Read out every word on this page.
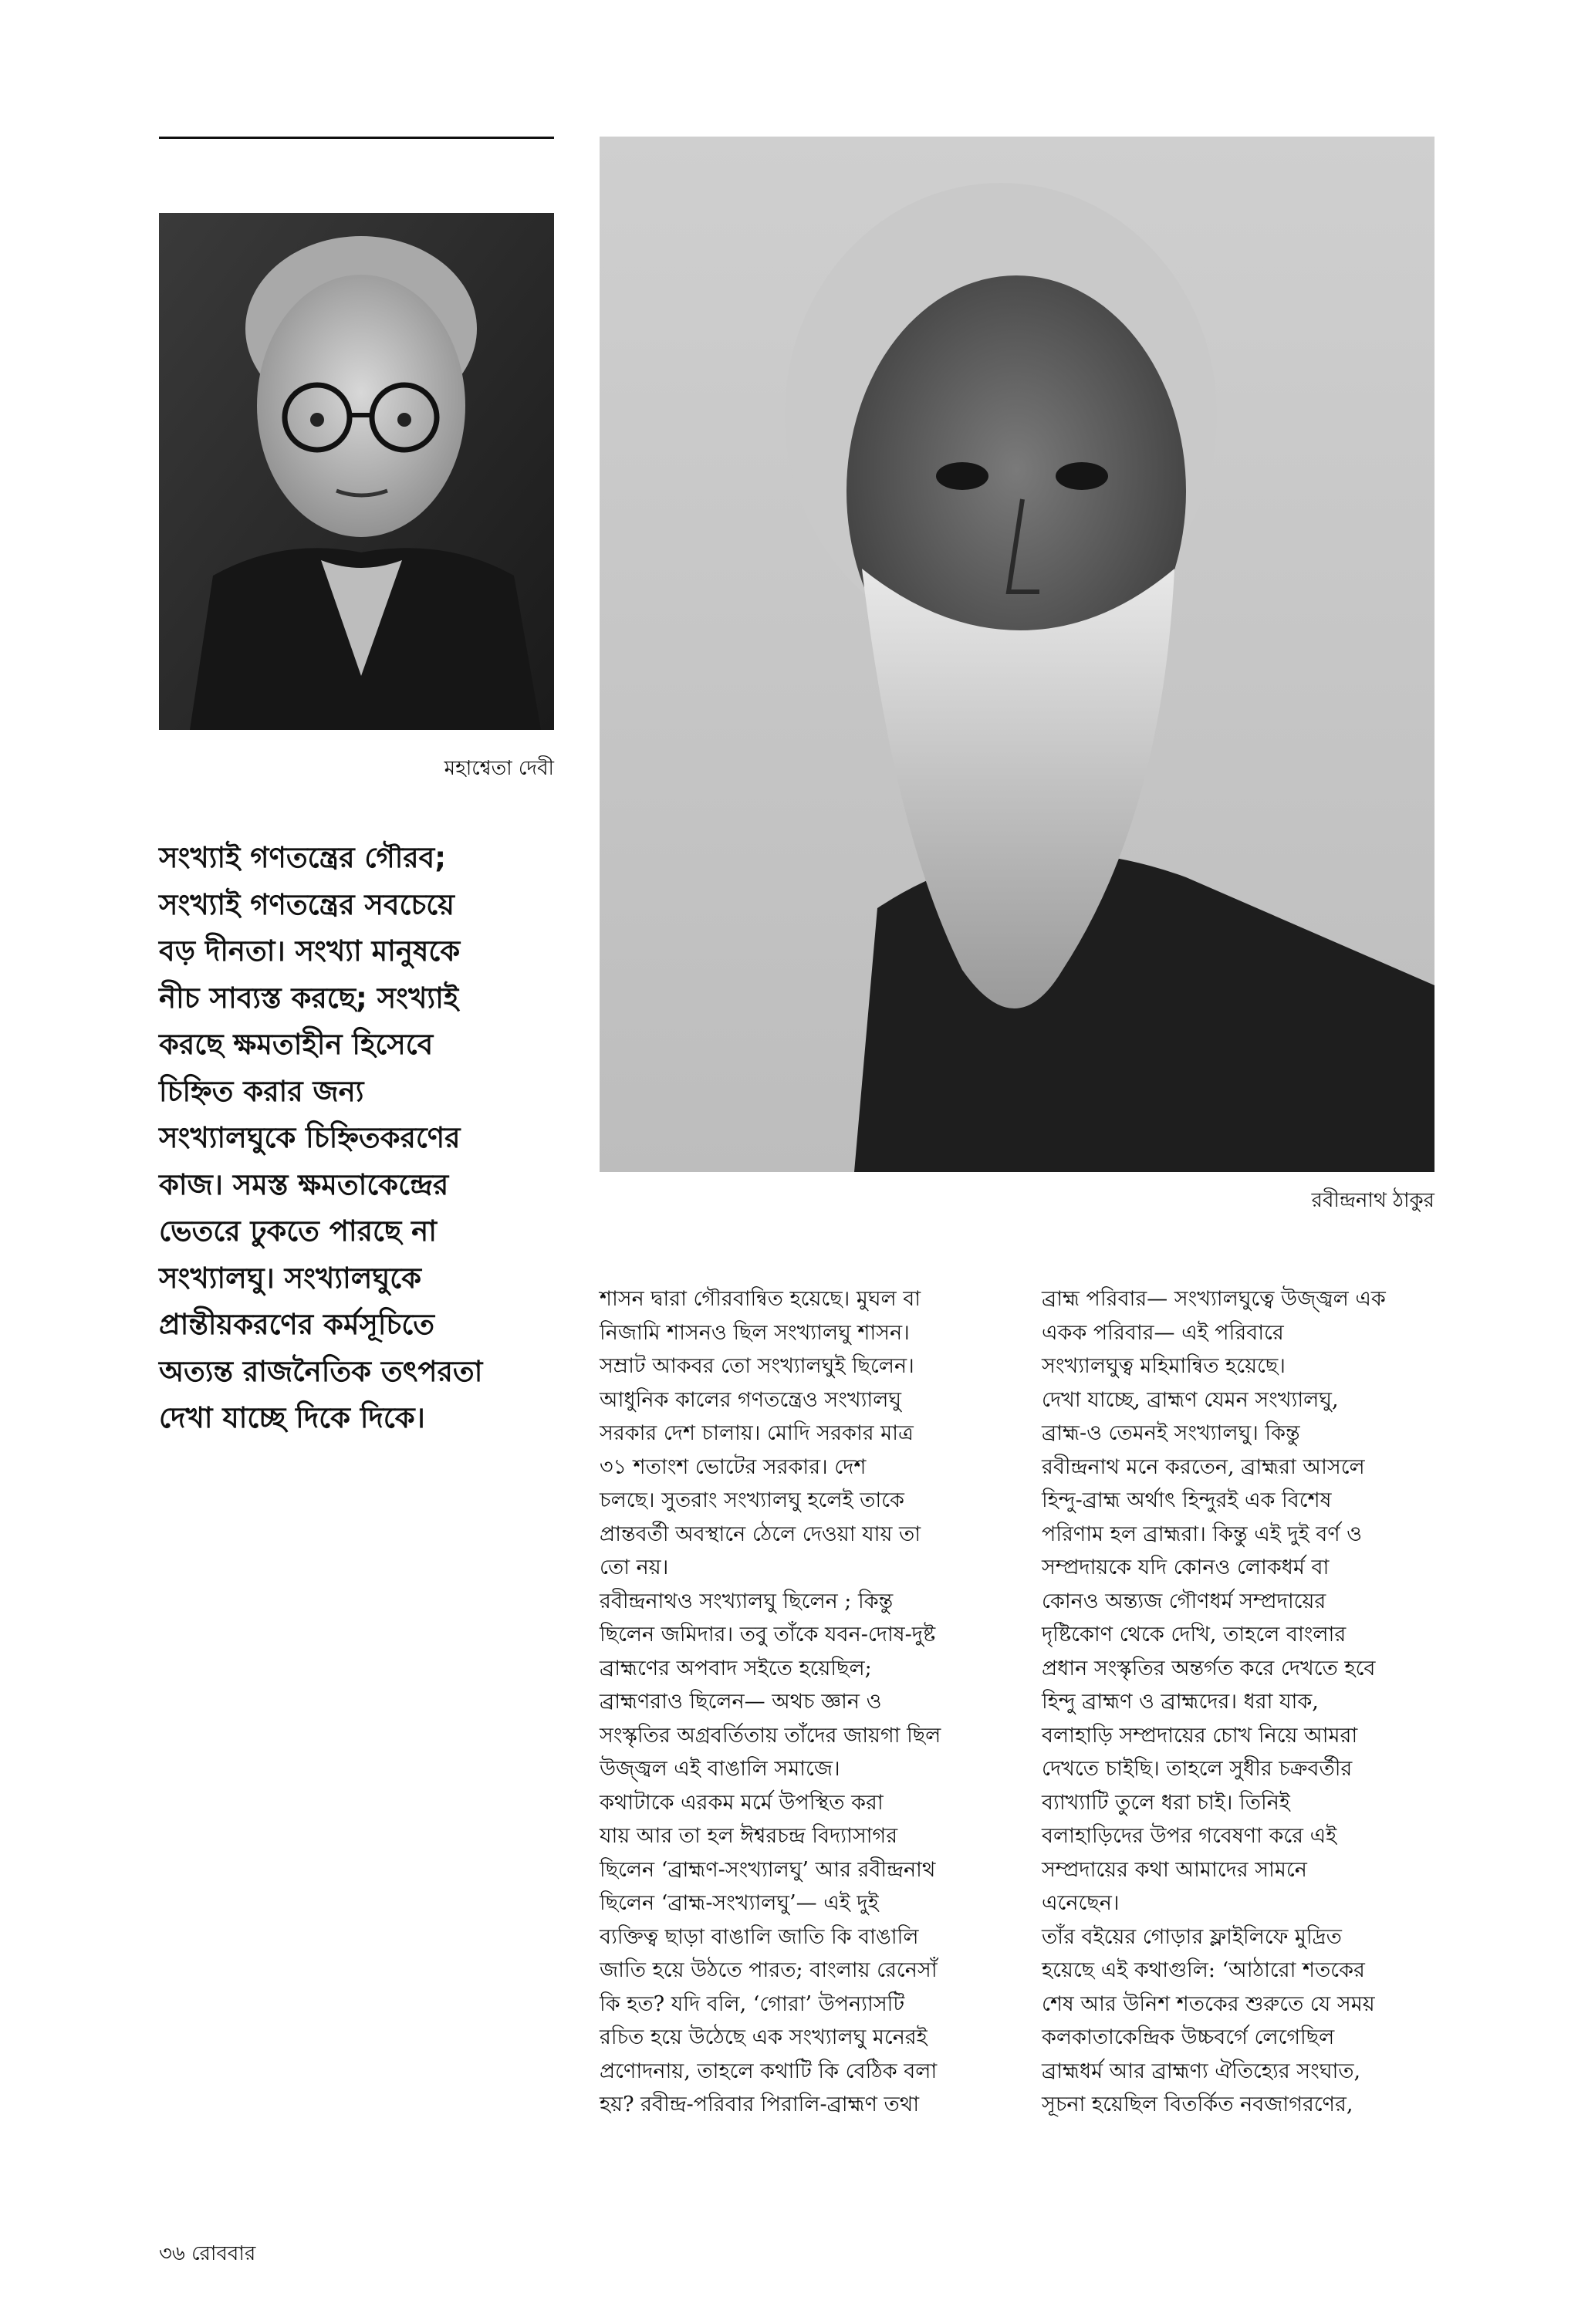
মহাশ্বেতা দেবী
রবীন্দ্রনাথ ঠাকুর
সংখ্যাই গণতন্ত্রের গৌরব;
সংখ্যাই গণতন্ত্রের সবচেয়ে
বড় দীনতা। সংখ্যা মানুষকে
নীচ সাব্যস্ত করছে; সংখ্যাই
করছে ক্ষমতাহীন হিসেবে
চিহ্নিত করার জন্য
সংখ্যালঘুকে চিহ্নিতকরণের
কাজ। সমস্ত ক্ষমতাকেন্দ্রের
ভেতরে ঢুকতে পারছে না
সংখ্যালঘু। সংখ্যালঘুকে
প্রান্তীয়করণের কর্মসূচিতে
অত্যন্ত রাজনৈতিক তৎপরতা
দেখা যাচ্ছে দিকে দিকে।
শাসন দ্বারা গৌরবান্বিত হয়েছে। মুঘল বা
নিজামি শাসনও ছিল সংখ্যালঘু শাসন।
সম্রাট আকবর তো সংখ্যালঘুই ছিলেন।
আধুনিক কালের গণতন্ত্রেও সংখ্যালঘু
সরকার দেশ চালায়। মোদি সরকার মাত্র
৩১ শতাংশ ভোটের সরকার। দেশ
চলছে। সুতরাং সংখ্যালঘু হলেই তাকে
প্রান্তবর্তী অবস্থানে ঠেলে দেওয়া যায় তা
তো নয়।
রবীন্দ্রনাথও সংখ্যালঘু ছিলেন ; কিন্তু
ছিলেন জমিদার। তবু তাঁকে যবন-দোষ-দুষ্ট
ব্রাহ্মণের অপবাদ সইতে হয়েছিল;
ব্রাহ্মণরাও ছিলেন— অথচ জ্ঞান ও
সংস্কৃতির অগ্রবর্তিতায় তাঁদের জায়গা ছিল
উজ্জ্বল এই বাঙালি সমাজে।
কথাটাকে এরকম মর্মে উপস্থিত করা
যায় আর তা হল ঈশ্বরচন্দ্র বিদ্যাসাগর
ছিলেন ‘ব্রাহ্মণ-সংখ্যালঘু’ আর রবীন্দ্রনাথ
ছিলেন ‘ব্রাহ্ম-সংখ্যালঘু’— এই দুই
ব্যক্তিত্ব ছাড়া বাঙালি জাতি কি বাঙালি
জাতি হয়ে উঠতে পারত; বাংলায় রেনেসাঁ
কি হত? যদি বলি, ‘গোরা’ উপন্যাসটি
রচিত হয়ে উঠেছে এক সংখ্যালঘু মনেরই
প্রণোদনায়, তাহলে কথাটি কি বেঠিক বলা
হয়? রবীন্দ্র-পরিবার পিরালি-ব্রাহ্মণ তথা
ব্রাহ্ম পরিবার— সংখ্যালঘুত্বে উজ্জ্বল এক
একক পরিবার— এই পরিবারে
সংখ্যালঘুত্ব মহিমান্বিত হয়েছে।
দেখা যাচ্ছে, ব্রাহ্মণ যেমন সংখ্যালঘু,
ব্রাহ্ম-ও তেমনই সংখ্যালঘু। কিন্তু
রবীন্দ্রনাথ মনে করতেন, ব্রাহ্মরা আসলে
হিন্দু-ব্রাহ্ম অর্থাৎ হিন্দুরই এক বিশেষ
পরিণাম হল ব্রাহ্মরা। কিন্তু এই দুই বর্ণ ও
সম্প্রদায়কে যদি কোনও লোকধর্ম বা
কোনও অন্ত্যজ গৌণধর্ম সম্প্রদায়ের
দৃষ্টিকোণ থেকে দেখি, তাহলে বাংলার
প্রধান সংস্কৃতির অন্তর্গত করে দেখতে হবে
হিন্দু ব্রাহ্মণ ও ব্রাহ্মদের। ধরা যাক,
বলাহাড়ি সম্প্রদায়ের চোখ নিয়ে আমরা
দেখতে চাইছি। তাহলে সুধীর চক্রবর্তীর
ব্যাখ্যাটি তুলে ধরা চাই। তিনিই
বলাহাড়িদের উপর গবেষণা করে এই
সম্প্রদায়ের কথা আমাদের সামনে
এনেছেন।
তাঁর বইয়ের গোড়ার ফ্লাইলিফে মুদ্রিত
হয়েছে এই কথাগুলি: ‘আঠারো শতকের
শেষ আর উনিশ শতকের শুরুতে যে সময়
কলকাতাকেন্দ্রিক উচ্চবর্গে লেগেছিল
ব্রাহ্মধর্ম আর ব্রাহ্মণ্য ঐতিহ্যের সংঘাত,
সূচনা হয়েছিল বিতর্কিত নবজাগরণের,
৩৬ রোববার
